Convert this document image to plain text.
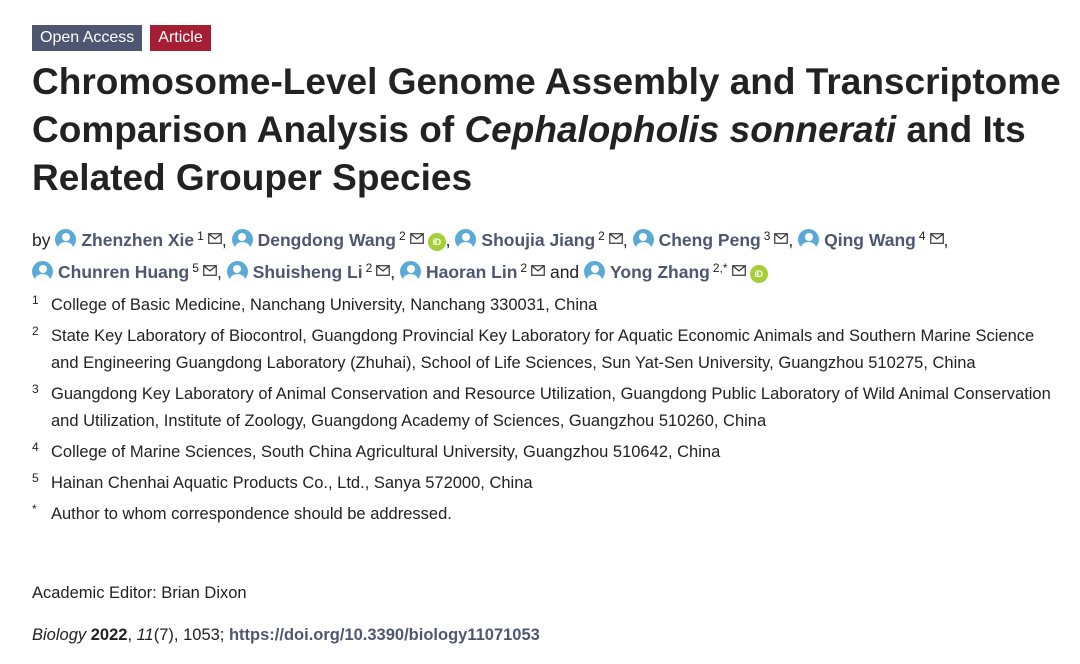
Open Access	Article
Chromosome-Level Genome Assembly and Transcriptome Comparison Analysis of Cephalopholis sonnerati and Its Related Grouper Species
by Zhenzhen Xie $^1$ , Dengdong Wang $^2$	iD , Shoujia Jiang $^2$ , Cheng Peng $^3$ , Qing Wang $^4$ ,
Chunren Huang $^5$ , Shuisheng Li $^2$ , Haoran Lin $^2$ and Yong Zhang $^{2,*}$	iD
1 College of Basic Medicine, Nanchang University, Nanchang 330031, China
2 State Key Laboratory of Biocontrol, Guangdong Provincial Key Laboratory for Aquatic Economic Animals and Southern Marine Science and Engineering Guangdong Laboratory (Zhuhai), School of Life Sciences, Sun Yat-Sen University, Guangzhou 510275, China
3 Guangdong Key Laboratory of Animal Conservation and Resource Utilization, Guangdong Public Laboratory of Wild Animal Conservation and Utilization, Institute of Zoology, Guangdong Academy of Sciences, Guangzhou 510260, China
4 College of Marine Sciences, South China Agricultural University, Guangzhou 510642, China
5 Hainan Chenhai Aquatic Products Co., Ltd., Sanya 572000, China
* Author to whom correspondence should be addressed.
Academic Editor: Brian Dixon
Biology 2022, 11(7), 1053; https://doi.org/10.3390/biology11071053
